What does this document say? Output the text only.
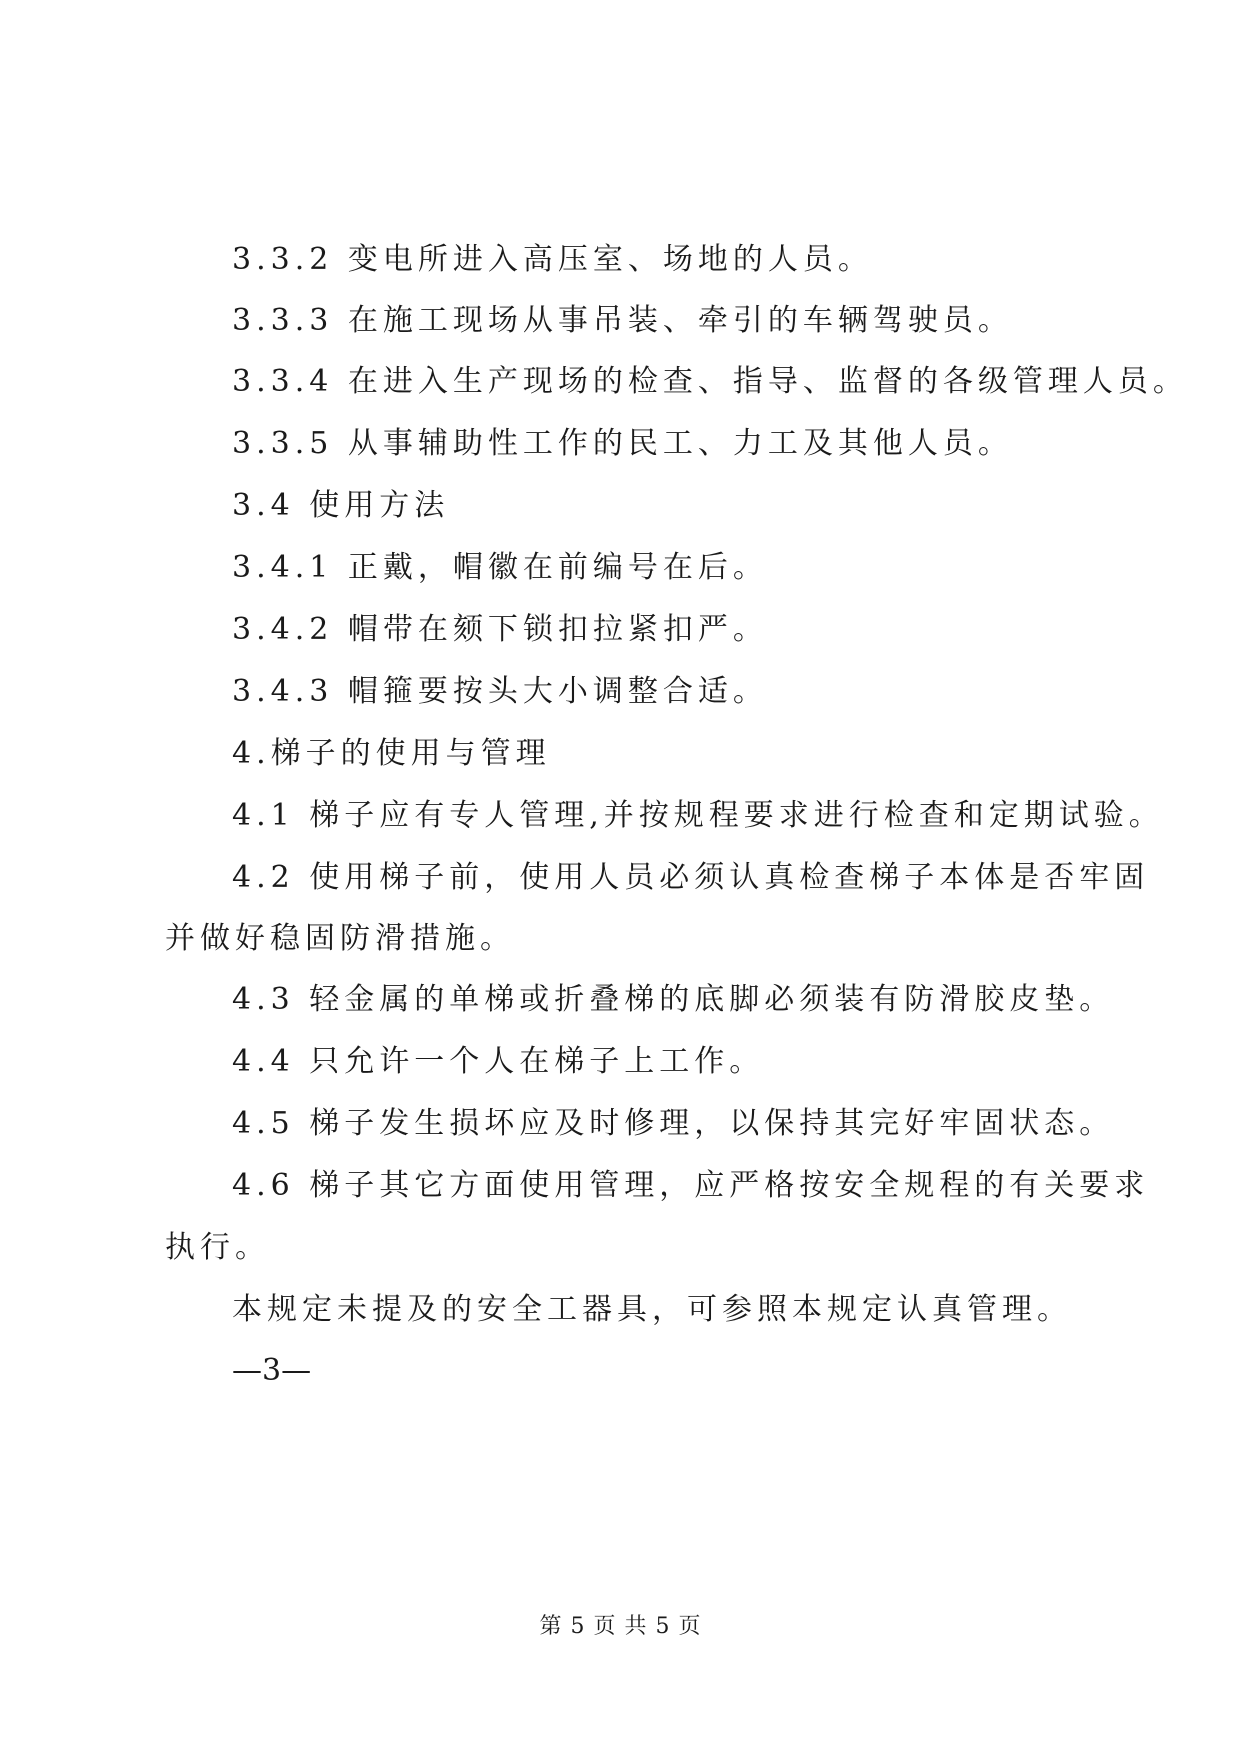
3.3.2 变电所进入高压室、场地的人员。
3.3.3 在施工现场从事吊装、牵引的车辆驾驶员。
3.3.4 在进入生产现场的检查、指导、监督的各级管理人员。
3.3.5 从事辅助性工作的民工、力工及其他人员。
3.4 使用方法
3.4.1 正戴，帽徽在前编号在后。
3.4.2 帽带在颏下锁扣拉紧扣严。
3.4.3 帽箍要按头大小调整合适。
4.梯子的使用与管理
4.1 梯子应有专人管理,并按规程要求进行检查和定期试验。
4.2 使用梯子前，使用人员必须认真检查梯子本体是否牢固
并做好稳固防滑措施。
4.3 轻金属的单梯或折叠梯的底脚必须装有防滑胶皮垫。
4.4 只允许一个人在梯子上工作。
4.5 梯子发生损坏应及时修理，以保持其完好牢固状态。
4.6 梯子其它方面使用管理，应严格按安全规程的有关要求
执行。
本规定未提及的安全工器具，可参照本规定认真管理。
—3—
第 5 页 共 5 页
